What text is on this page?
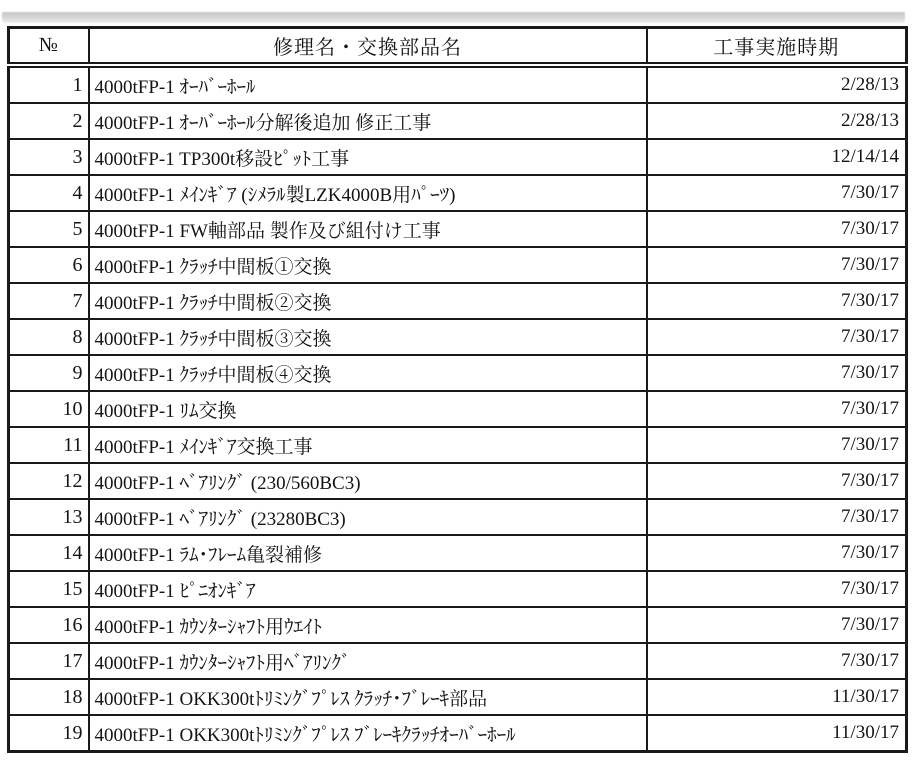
№	修理名・交換部品名	工事実施時期
1	4000tFP-1 ｵｰﾊﾞｰﾎｰﾙ	2/28/13
2	4000tFP-1 ｵｰﾊﾞｰﾎｰﾙ分解後追加 修正工事	2/28/13
3	4000tFP-1 TP300t移設ﾋﾟｯﾄ工事	12/14/14
4	4000tFP-1 ﾒｲﾝｷﾞｱ (ｼﾒﾗﾙ製LZK4000B用ﾊﾟｰﾂ)	7/30/17
5	4000tFP-1 FW軸部品 製作及び組付け工事	7/30/17
6	4000tFP-1 ｸﾗｯﾁ中間板①交換	7/30/17
7	4000tFP-1 ｸﾗｯﾁ中間板②交換	7/30/17
8	4000tFP-1 ｸﾗｯﾁ中間板③交換	7/30/17
9	4000tFP-1 ｸﾗｯﾁ中間板④交換	7/30/17
10	4000tFP-1 ﾘﾑ交換	7/30/17
11	4000tFP-1 ﾒｲﾝｷﾞｱ交換工事	7/30/17
12	4000tFP-1 ﾍﾞｱﾘﾝｸﾞ (230/560BC3)	7/30/17
13	4000tFP-1 ﾍﾞｱﾘﾝｸﾞ (23280BC3)	7/30/17
14	4000tFP-1 ﾗﾑ･ﾌﾚｰﾑ亀裂補修	7/30/17
15	4000tFP-1 ﾋﾟﾆｵﾝｷﾞｱ	7/30/17
16	4000tFP-1 ｶｳﾝﾀｰｼｬﾌﾄ用ｳｴｲﾄ	7/30/17
17	4000tFP-1 ｶｳﾝﾀｰｼｬﾌﾄ用ﾍﾞｱﾘﾝｸﾞ	7/30/17
18	4000tFP-1 OKK300tﾄﾘﾐﾝｸﾞﾌﾟﾚｽ ｸﾗｯﾁ･ﾌﾞﾚｰｷ部品	11/30/17
19	4000tFP-1 OKK300tﾄﾘﾐﾝｸﾞﾌﾟﾚｽ ﾌﾞﾚｰｷｸﾗｯﾁｵｰﾊﾞｰﾎｰﾙ	11/30/17
